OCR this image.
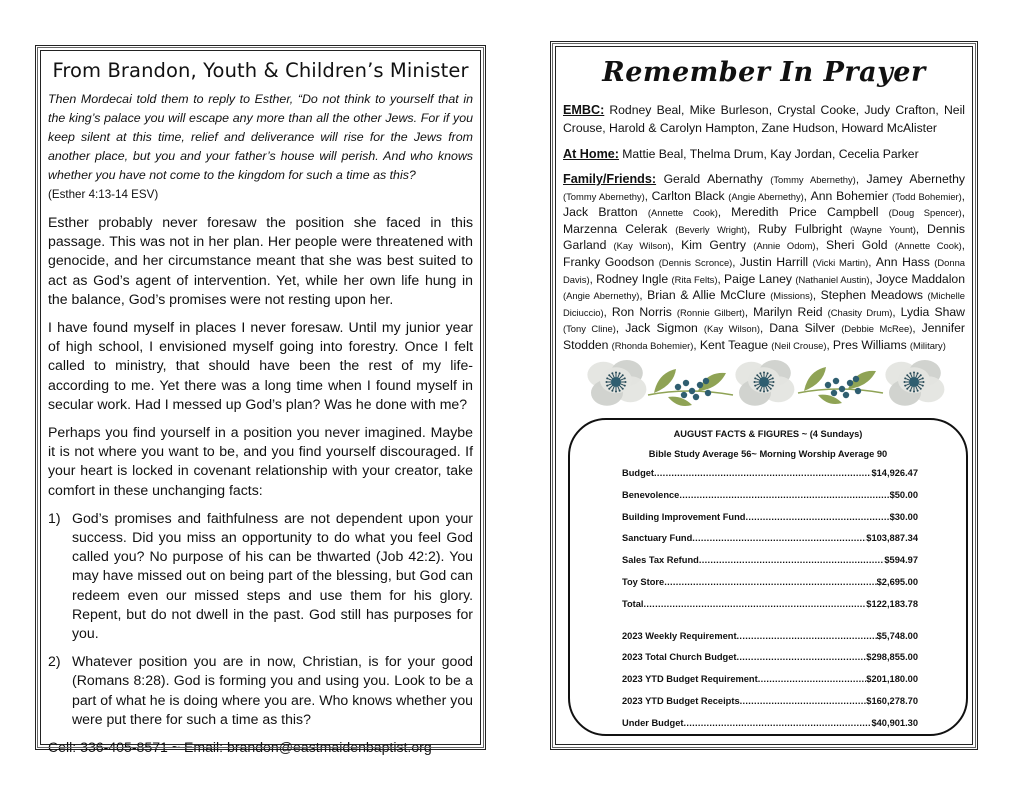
From Brandon, Youth & Children’s Minister

Then Mordecai told them to reply to Esther, “Do not think to yourself that in the king’s palace you will escape any more than all the other Jews. For if you keep silent at this time, relief and deliverance will rise for the Jews from another place, but you and your father’s house will perish. And who knows whether you have not come to the kingdom for such a time as this?
(Esther 4:13-14 ESV)

Esther probably never foresaw the position she faced in this passage. This was not in her plan. Her people were threatened with genocide, and her circumstance meant that she was best suited to act as God’s agent of intervention. Yet, while her own life hung in the balance, God’s promises were not resting upon her.

I have found myself in places I never foresaw. Until my junior year of high school, I envisioned myself going into forestry. Once I felt called to ministry, that should have been the rest of my life-according to me. Yet there was a long time when I found myself in secular work. Had I messed up God’s plan? Was he done with me?

Perhaps you find yourself in a position you never imagined. Maybe it is not where you want to be, and you find yourself discouraged. If your heart is locked in covenant relationship with your creator, take comfort in these unchanging facts:

1) God’s promises and faithfulness are not dependent upon your success. Did you miss an opportunity to do what you feel God called you? No purpose of his can be thwarted (Job 42:2). You may have missed out on being part of the blessing, but God can redeem even our missed steps and use them for his glory. Repent, but do not dwell in the past. God still has purposes for you.
2) Whatever position you are in now, Christian, is for your good (Romans 8:28). God is forming you and using you. Look to be a part of what he is doing where you are. Who knows whether you were put there for such a time as this?

Cell: 336-405-8571 ~ Email: brandon@eastmaidenbaptist.org

Remember In Prayer

EMBC: Rodney Beal, Mike Burleson, Crystal Cooke, Judy Crafton, Neil Crouse, Harold & Carolyn Hampton, Zane Hudson, Howard McAlister

At Home: Mattie Beal, Thelma Drum, Kay Jordan, Cecelia Parker

Family/Friends: Gerald Abernathy (Tommy Abernethy), Jamey Abernethy (Tommy Abernethy), Carlton Black (Angie Abernethy), Ann Bohemier (Todd Bohemier), Jack Bratton (Annette Cook), Meredith Price Campbell (Doug Spencer), Marzenna Celerak (Beverly Wright), Ruby Fulbright (Wayne Yount), Dennis Garland (Kay Wilson), Kim Gentry (Annie Odom), Sheri Gold (Annette Cook), Franky Goodson (Dennis Scronce), Justin Harrill (Vicki Martin), Ann Hass (Donna Davis), Rodney Ingle (Rita Felts), Paige Laney (Nathaniel Austin), Joyce Maddalon (Angie Abernethy), Brian & Allie McClure (Missions), Stephen Meadows (Michelle Diciuccio), Ron Norris (Ronnie Gilbert), Marilyn Reid (Chasity Drum), Lydia Shaw (Tony Cline), Jack Sigmon (Kay Wilson), Dana Silver (Debbie McRee), Jennifer Stodden (Rhonda Bohemier), Kent Teague (Neil Crouse), Pres Williams (Military)

AUGUST FACTS & FIGURES ~ (4 Sundays)
Bible Study Average 56~ Morning Worship Average 90
Budget .....	$14,926.47
Benevolence .....	$50.00
Building Improvement Fund .....	$30.00
Sanctuary Fund .....	$103,887.34
Sales Tax Refund .....	$594.97
Toy Store .....	$2,695.00
Total .....	$122,183.78
2023 Weekly Requirement .....	$5,748.00
2023 Total Church Budget .....	$298,855.00
2023 YTD Budget Requirement .....	$201,180.00
2023 YTD Budget Receipts .....	$160,278.70
Under Budget .....	$40,901.30
